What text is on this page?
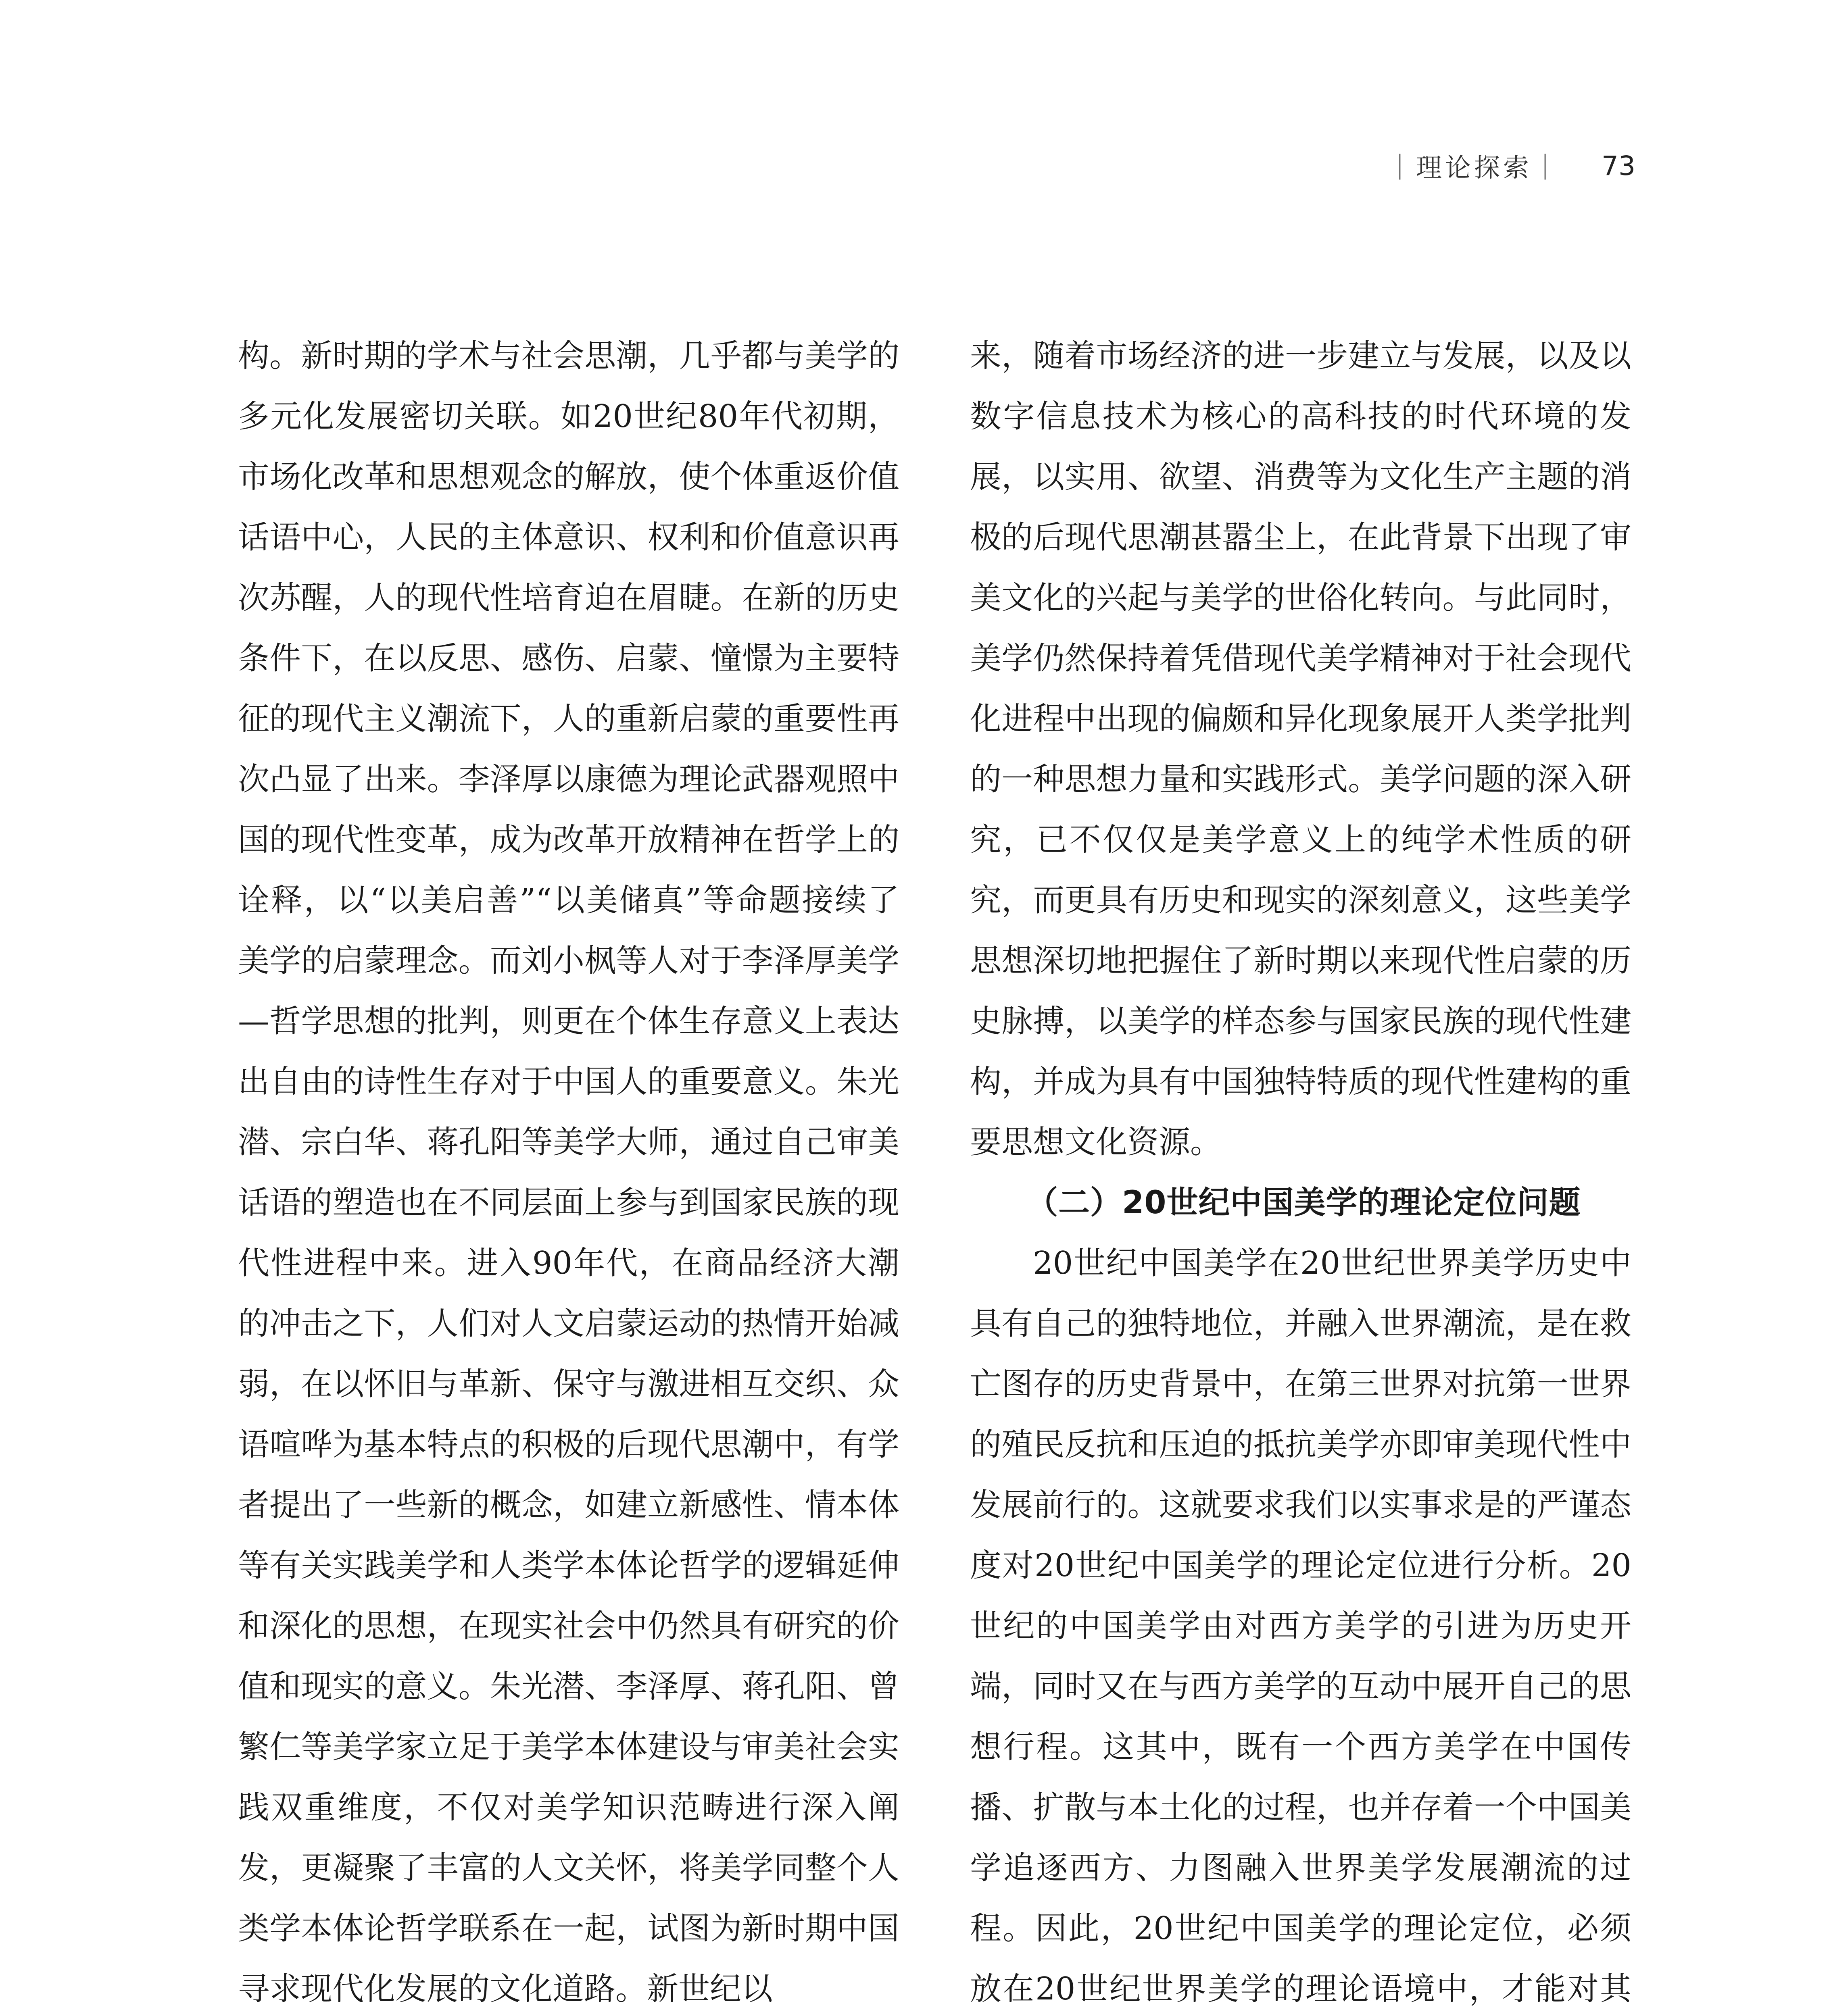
｜理论探索｜ 73

构。新时期的学术与社会思潮，几乎都与美学的多元化发展密切关联。如20世纪80年代初期，市场化改革和思想观念的解放，使个体重返价值话语中心，人民的主体意识、权利和价值意识再次苏醒，人的现代性培育迫在眉睫。在新的历史条件下，在以反思、感伤、启蒙、憧憬为主要特征的现代主义潮流下，人的重新启蒙的重要性再次凸显了出来。李泽厚以康德为理论武器观照中国的现代性变革，成为改革开放精神在哲学上的诠释，以“以美启善”“以美储真”等命题接续了美学的启蒙理念。而刘小枫等人对于李泽厚美学—哲学思想的批判，则更在个体生存意义上表达出自由的诗性生存对于中国人的重要意义。朱光潜、宗白华、蒋孔阳等美学大师，通过自己审美话语的塑造也在不同层面上参与到国家民族的现代性进程中来。进入90年代，在商品经济大潮的冲击之下，人们对人文启蒙运动的热情开始减弱，在以怀旧与革新、保守与激进相互交织、众语喧哗为基本特点的积极的后现代思潮中，有学者提出了一些新的概念，如建立新感性、情本体等有关实践美学和人类学本体论哲学的逻辑延伸和深化的思想，在现实社会中仍然具有研究的价值和现实的意义。朱光潜、李泽厚、蒋孔阳、曾繁仁等美学家立足于美学本体建设与审美社会实践双重维度，不仅对美学知识范畴进行深入阐发，更凝聚了丰富的人文关怀，将美学同整个人类学本体论哲学联系在一起，试图为新时期中国寻求现代化发展的文化道路。新世纪以

来，随着市场经济的进一步建立与发展，以及以数字信息技术为核心的高科技的时代环境的发展，以实用、欲望、消费等为文化生产主题的消极的后现代思潮甚嚣尘上，在此背景下出现了审美文化的兴起与美学的世俗化转向。与此同时，美学仍然保持着凭借现代美学精神对于社会现代化进程中出现的偏颇和异化现象展开人类学批判的一种思想力量和实践形式。美学问题的深入研究，已不仅仅是美学意义上的纯学术性质的研究，而更具有历史和现实的深刻意义，这些美学思想深切地把握住了新时期以来现代性启蒙的历史脉搏，以美学的样态参与国家民族的现代性建构，并成为具有中国独特特质的现代性建构的重要思想文化资源。

（二）20世纪中国美学的理论定位问题

20世纪中国美学在20世纪世界美学历史中具有自己的独特地位，并融入世界潮流，是在救亡图存的历史背景中，在第三世界对抗第一世界的殖民反抗和压迫的抵抗美学亦即审美现代性中发展前行的。这就要求我们以实事求是的严谨态度对20世纪中国美学的理论定位进行分析。20世纪的中国美学由对西方美学的引进为历史开端，同时又在与西方美学的互动中展开自己的思想行程。这其中，既有一个西方美学在中国传播、扩散与本土化的过程，也并存着一个中国美学追逐西方、力图融入世界美学发展潮流的过程。因此，20世纪中国美学的理论定位，必须放在20世纪世界美学的理论语境中，才能对其
